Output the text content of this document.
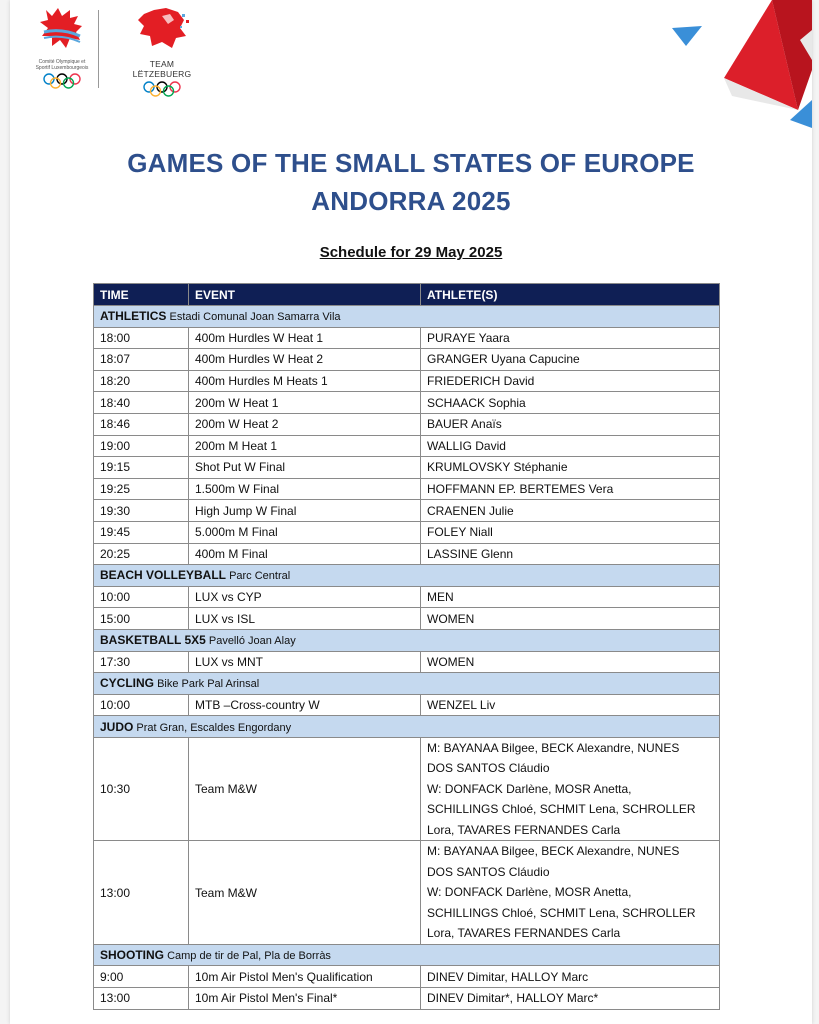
Comité Olympique et Sportif Luxembourgeois	TEAM LËTZEBUERG
GAMES OF THE SMALL STATES OF EUROPE
ANDORRA 2025
Schedule for 29 May 2025
TIME	EVENT	ATHLETE(S)
ATHLETICS Estadi Comunal Joan Samarra Vila		
18:00	400m Hurdles W Heat 1	PURAYE Yaara

18:07	400m Hurdles W Heat 2	GRANGER Uyana Capucine

18:20	400m Hurdles M Heats 1	FRIEDERICH David

18:40	200m W Heat 1	SCHAACK Sophia

18:46	200m W Heat 2	BAUER Anaïs

19:00	200m M Heat 1	WALLIG David

19:15	Shot Put W Final	KRUMLOVSKY Stéphanie

19:25	1.500m W Final	HOFFMANN EP. BERTEMES Vera

19:30	High Jump W Final	CRAENEN Julie

19:45	5.000m M Final	FOLEY Niall

20:25	400m M Final	LASSINE Glenn

BEACH VOLLEYBALL Parc Central		
10:00	LUX vs CYP	MEN

15:00	LUX vs ISL	WOMEN

BASKETBALL 5X5 Pavelló Joan Alay		
17:30	LUX vs MNT	WOMEN

CYCLING Bike Park Pal Arinsal		
10:00	MTB –Cross-country W	WENZEL Liv

JUDO Prat Gran, Escaldes Engordany		
10:30	Team M&W	M: BAYANAA Bilgee, BECK Alexandre, NUNES
DOS SANTOS Cláudio
W: DONFACK Darlène, MOSR Anetta,
SCHILLINGS Chloé, SCHMIT Lena, SCHROLLER
Lora, TAVARES FERNANDES Carla

13:00	Team M&W	M: BAYANAA Bilgee, BECK Alexandre, NUNES
DOS SANTOS Cláudio
W: DONFACK Darlène, MOSR Anetta,
SCHILLINGS Chloé, SCHMIT Lena, SCHROLLER
Lora, TAVARES FERNANDES Carla

SHOOTING Camp de tir de Pal, Pla de Borràs		
9:00	10m Air Pistol Men's Qualification	DINEV Dimitar, HALLOY Marc

13:00	10m Air Pistol Men's Final*	DINEV Dimitar*, HALLOY Marc*
